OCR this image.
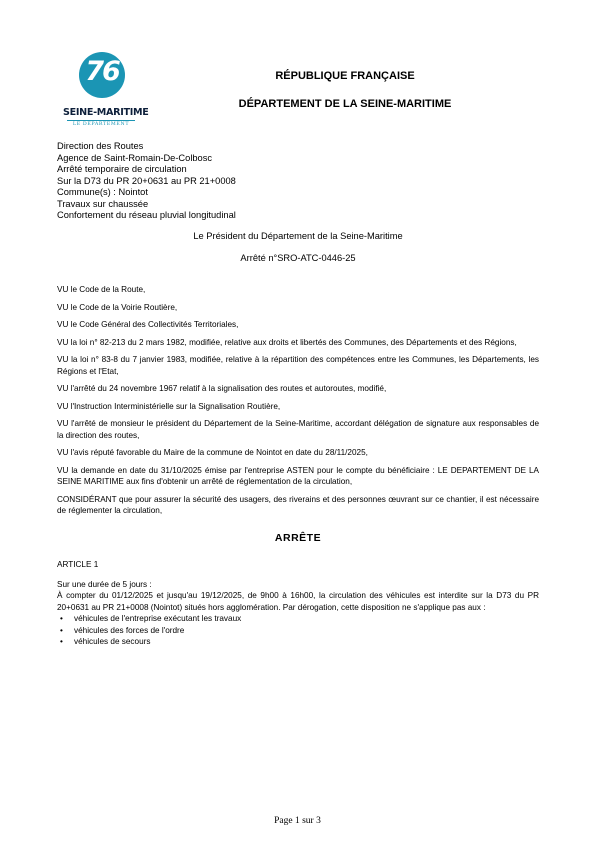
76
SEINE-MARITIME
LE DÉPARTEMENT
RÉPUBLIQUE FRANÇAISE
DÉPARTEMENT DE LA SEINE-MARITIME
Direction des Routes
Agence de Saint-Romain-De-Colbosc
Arrêté temporaire de circulation
Sur la D73 du PR 20+0631 au PR 21+0008
Commune(s) : Nointot
Travaux sur chaussée
Confortement du réseau pluvial longitudinal
Le Président du Département de la Seine-Maritime
Arrêté n°SRO-ATC-0446-25

VU le Code de la Route,

VU le Code de la Voirie Routière,

VU le Code Général des Collectivités Territoriales,

VU la loi n° 82-213 du 2 mars 1982, modifiée, relative aux droits et libertés des Communes, des Départements et des Régions,

VU la loi n° 83-8 du 7 janvier 1983, modifiée, relative à la répartition des compétences entre les Communes, les Départements, les Régions et l'Etat,

VU l'arrêté du 24 novembre 1967 relatif à la signalisation des routes et autoroutes, modifié,

VU l'Instruction Interministérielle sur la Signalisation Routière,

VU l'arrêté de monsieur le président du Département de la Seine-Maritime, accordant délégation de signature aux responsables de la direction des routes,

VU l'avis réputé favorable du Maire de la commune de Nointot en date du 28/11/2025,

VU la demande en date du 31/10/2025 émise par l'entreprise ASTEN pour le compte du bénéficiaire : LE DEPARTEMENT DE LA SEINE MARITIME aux fins d'obtenir un arrêté de réglementation de la circulation,

CONSIDÉRANT que pour assurer la sécurité des usagers, des riverains et des personnes œuvrant sur ce chantier, il est nécessaire de réglementer la circulation,

ARRÊTE

ARTICLE 1

Sur une durée de 5 jours :

À compter du 01/12/2025 et jusqu'au 19/12/2025, de 9h00 à 16h00, la circulation des véhicules est interdite sur la D73 du PR 20+0631 au PR 21+0008 (Nointot) situés hors agglomération. Par dérogation, cette disposition ne s'applique pas aux :

• véhicules de l'entreprise exécutant les travaux
• véhicules des forces de l'ordre
• véhicules de secours
Page 1 sur 3
